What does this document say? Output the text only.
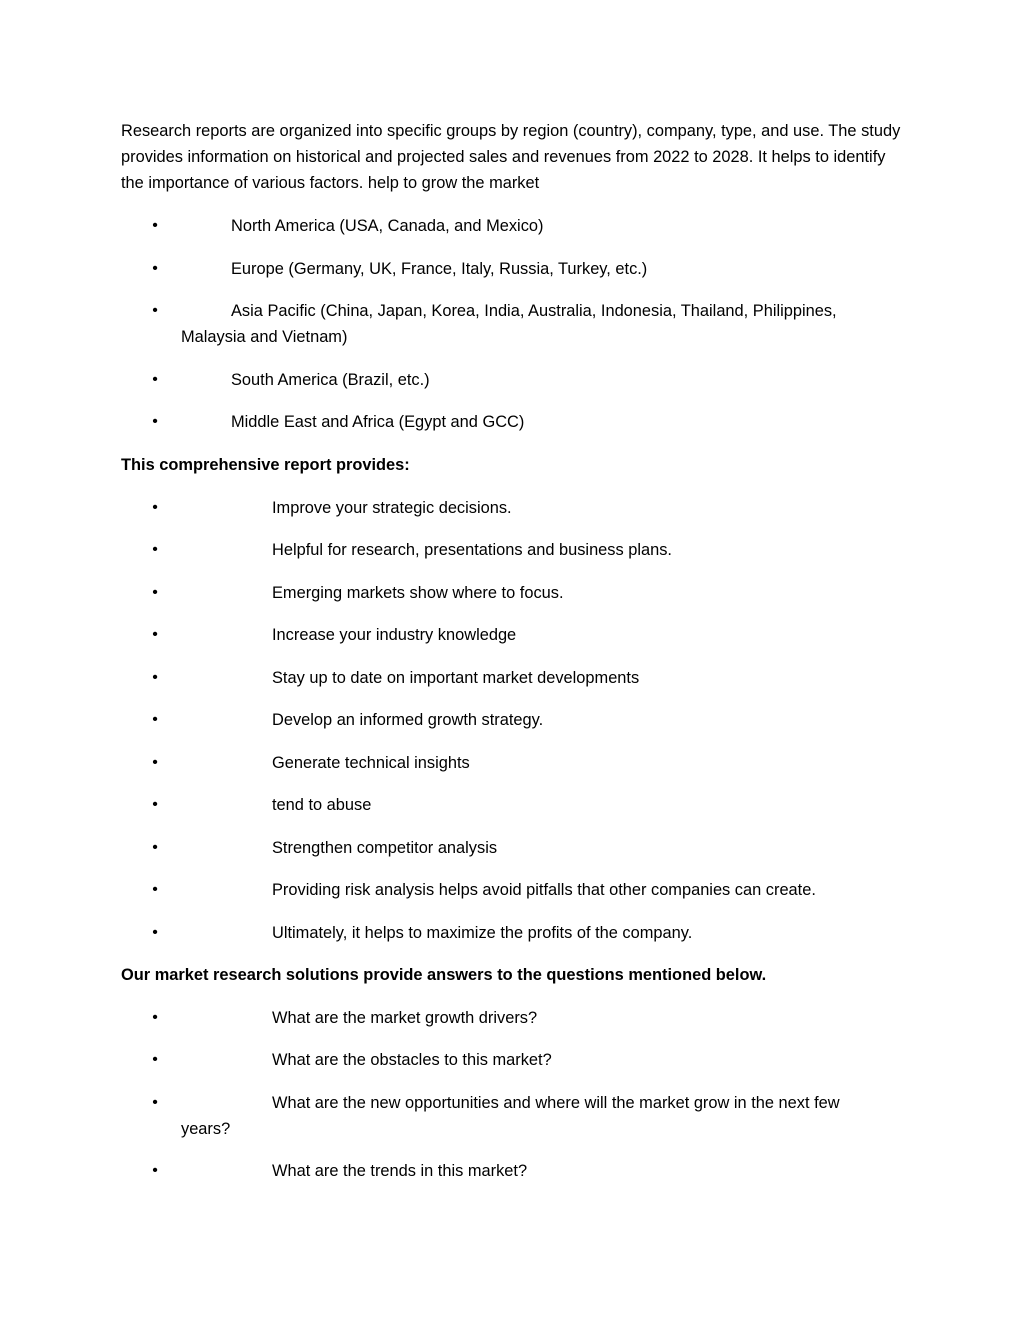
Research reports are organized into specific groups by region (country), company, type, and use. The study provides information on historical and projected sales and revenues from 2022 to 2028. It helps to identify the importance of various factors. help to grow the market

•	North America (USA, Canada, and Mexico)
•	Europe (Germany, UK, France, Italy, Russia, Turkey, etc.)
•	Asia Pacific (China, Japan, Korea, India, Australia, Indonesia, Thailand, Philippines,
Malaysia and Vietnam)
•	South America (Brazil, etc.)
•	Middle East and Africa (Egypt and GCC)

This comprehensive report provides:

•	Improve your strategic decisions.
•	Helpful for research, presentations and business plans.
•	Emerging markets show where to focus.
•	Increase your industry knowledge
•	Stay up to date on important market developments
•	Develop an informed growth strategy.
•	Generate technical insights
•	tend to abuse
•	Strengthen competitor analysis
•	Providing risk analysis helps avoid pitfalls that other companies can create.
•	Ultimately, it helps to maximize the profits of the company.

Our market research solutions provide answers to the questions mentioned below.

•	What are the market growth drivers?
•	What are the obstacles to this market?
•	What are the new opportunities and where will the market grow in the next few
years?
•	What are the trends in this market?
